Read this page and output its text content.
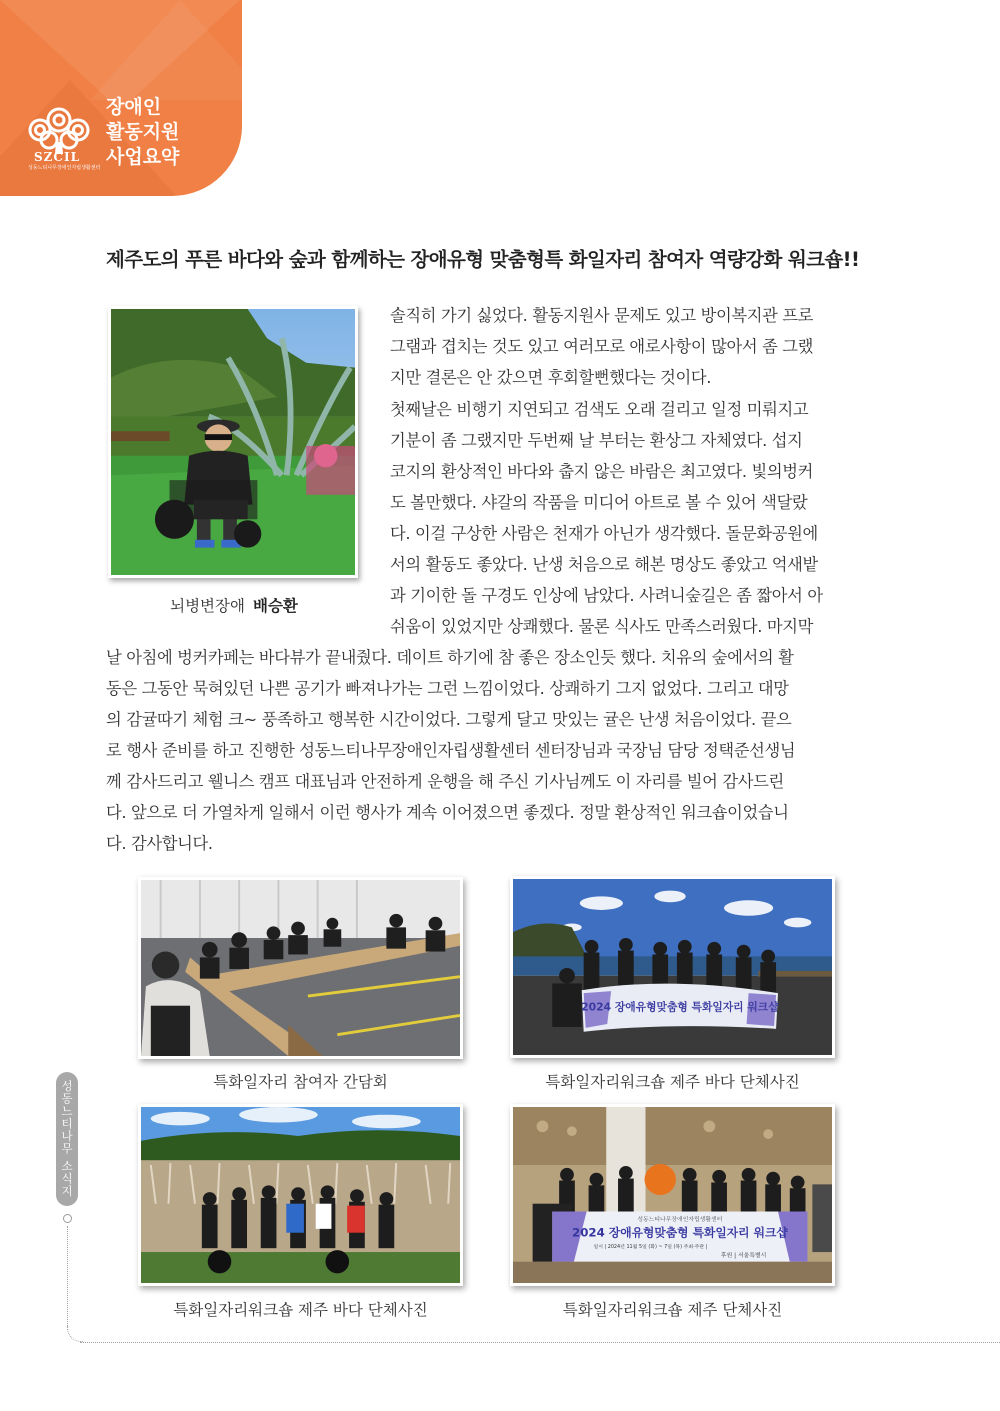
SZCIL
성동느티나무장애인자립생활센터
장애인
활동지원
사업요약
제주도의 푸른 바다와 숲과 함께하는 장애유형 맞춤형특 화일자리 참여자 역량강화 워크숍!!
뇌병변장애 배승환
솔직히 가기 싫었다. 활동지원사 문제도 있고 방이복지관 프로
그램과 겹치는 것도 있고 여러모로 애로사항이 많아서 좀 그랬
지만 결론은 안 갔으면 후회할뻔했다는 것이다.
첫째날은 비행기 지연되고 검색도 오래 걸리고 일정 미뤄지고
기분이 좀 그랬지만 두번째 날 부터는 환상그 자체였다. 섭지
코지의 환상적인 바다와 춥지 않은 바람은 최고였다. 빛의벙커
도 볼만했다. 샤갈의 작품을 미디어 아트로 볼 수 있어 색달랐
다. 이걸 구상한 사람은 천재가 아닌가 생각했다. 돌문화공원에
서의 활동도 좋았다. 난생 처음으로 해본 명상도 좋았고 억새밭
과 기이한 돌 구경도 인상에 남았다. 사려니숲길은 좀 짧아서 아
쉬움이 있었지만 상쾌했다. 물론 식사도 만족스러웠다. 마지막
날 아침에 벙커카페는 바다뷰가 끝내줬다. 데이트 하기에 참 좋은 장소인듯 했다. 치유의 숲에서의 활
동은 그동안 묵혀있던 나쁜 공기가 빠져나가는 그런 느낌이었다. 상쾌하기 그지 없었다. 그리고 대망
의 감귤따기 체험 크~ 풍족하고 행복한 시간이었다. 그렇게 달고 맛있는 귤은 난생 처음이었다. 끝으
로 행사 준비를 하고 진행한 성동느티나무장애인자립생활센터 센터장님과 국장님 담당 정택준선생님
께 감사드리고 웰니스 캠프 대표님과 안전하게 운행을 해 주신 기사님께도 이 자리를 빌어 감사드린
다. 앞으로 더 가열차게 일해서 이런 행사가 계속 이어졌으면 좋겠다. 정말 환상적인 워크숍이었습니
다. 감사합니다.
특화일자리 참여자 간담회
2024 장애유형맞춤형 특화일자리 워크샵
특화일자리워크숍 제주 바다 단체사진
특화일자리워크숍 제주 바다 단체사진
성동느티나무장애인자립생활센터
2024 장애유형맞춤형 특화일자리 워크샵
일시 | 2024년 11월 5일 (화) ~ 7일 (목) 주최·주관 |
후원 | 서울특별시
특화일자리워크숍 제주 단체사진
성동느티나무 소식지
